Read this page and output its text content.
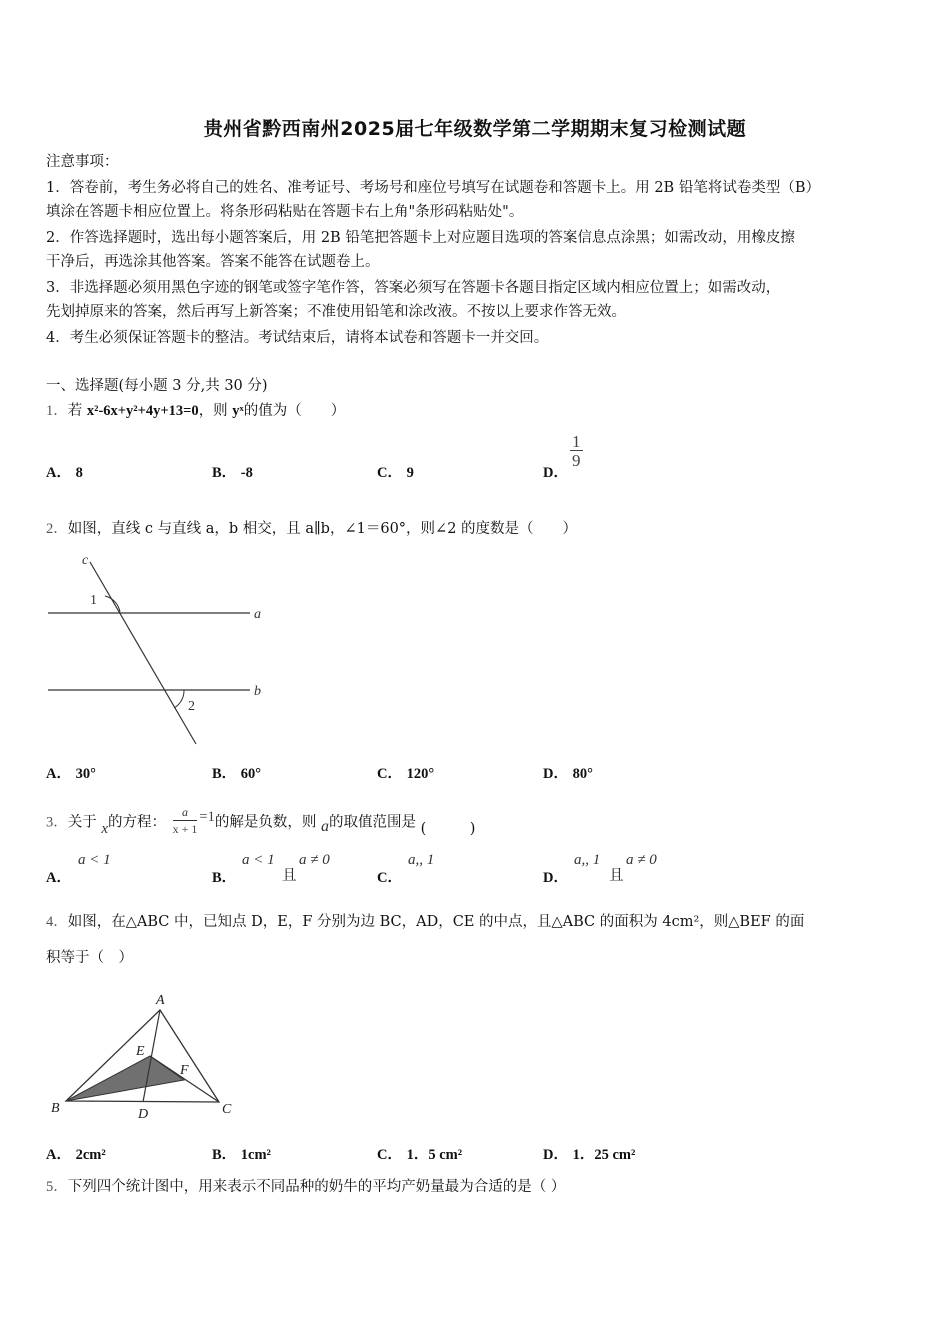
贵州省黔西南州2025届七年级数学第二学期期末复习检测试题
注意事项：
1．答卷前，考生务必将自己的姓名、准考证号、考场号和座位号填写在试题卷和答题卡上。用 2B 铅笔将试卷类型（B）
填涂在答题卡相应位置上。将条形码粘贴在答题卡右上角"条形码粘贴处"。
2．作答选择题时，选出每小题答案后，用 2B 铅笔把答题卡上对应题目选项的答案信息点涂黑；如需改动，用橡皮擦
干净后，再选涂其他答案。答案不能答在试题卷上。
3．非选择题必须用黑色字迹的钢笔或签字笔作答，答案必须写在答题卡各题目指定区域内相应位置上；如需改动，
先划掉原来的答案，然后再写上新答案；不准使用铅笔和涂改液。不按以上要求作答无效。
4．考生必须保证答题卡的整洁。考试结束后，请将本试卷和答题卡一并交回。
一、选择题(每小题 3 分,共 30 分)
1．若 x²-6x+y²+4y+13=0，则 yˣ的值为（　　）
A． 8	B． -8	C． 9	D．
$\frac{1}{9}$
2．如图，直线 c 与直线 a，b 相交，且 a∥b，∠1＝60°，则∠2 的度数是（　　）
c
1
a
b
2
A． 30°	B． 60°	C． 120°	D． 80°
3．关于 x的方程： $\frac{a}{x + 1} =1$的解是负数，则 a的取值范围是 (　　　)
A．
a < 1
B．
a < 1
且
a ≠ 0
C．
a,, 1
D．
a,, 1
且
a ≠ 0
4．如图，在△ABC 中，已知点 D，E，F 分别为边 BC，AD，CE 的中点，且△ABC 的面积为 4cm²，则△BEF 的面
积等于（　）
A
B	C
D
E
F
A． 2cm²	B． 1cm²	C． 1．5 cm²	D． 1．25 cm²
5．下列四个统计图中，用来表示不同品种的奶牛的平均产奶量最为合适的是（ ）
